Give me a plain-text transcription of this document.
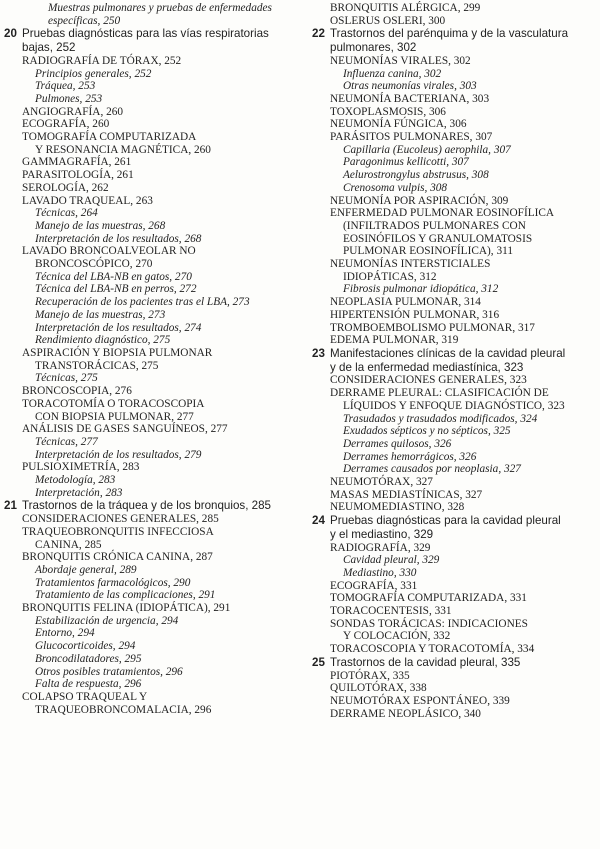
Muestras pulmonares y pruebas de enfermedades
específicas, 250
20 Pruebas diagnósticas para las vías respiratorias
bajas, 252
RADIOGRAFÍA DE TÓRAX, 252
Principios generales, 252
Tráquea, 253
Pulmones, 253
ANGIOGRAFÍA, 260
ECOGRAFÍA, 260
TOMOGRAFÍA COMPUTARIZADA
Y RESONANCIA MAGNÉTICA, 260
GAMMAGRAFÍA, 261
PARASITOLOGÍA, 261
SEROLOGÍA, 262
LAVADO TRAQUEAL, 263
Técnicas, 264
Manejo de las muestras, 268
Interpretación de los resultados, 268
LAVADO BRONCOALVEOLAR NO
BRONCOSCÓPICO, 270
Técnica del LBA-NB en gatos, 270
Técnica del LBA-NB en perros, 272
Recuperación de los pacientes tras el LBA, 273
Manejo de las muestras, 273
Interpretación de los resultados, 274
Rendimiento diagnóstico, 275
ASPIRACIÓN Y BIOPSIA PULMONAR
TRANSTORÁCICAS, 275
Técnicas, 275
BRONCOSCOPIA, 276
TORACOTOMÍA O TORACOSCOPIA
CON BIOPSIA PULMONAR, 277
ANÁLISIS DE GASES SANGUÍNEOS, 277
Técnicas, 277
Interpretación de los resultados, 279
PULSIOXIMETRÍA, 283
Metodología, 283
Interpretación, 283
21 Trastornos de la tráquea y de los bronquios, 285
CONSIDERACIONES GENERALES, 285
TRAQUEOBRONQUITIS INFECCIOSA
CANINA, 285
BRONQUITIS CRÓNICA CANINA, 287
Abordaje general, 289
Tratamientos farmacológicos, 290
Tratamiento de las complicaciones, 291
BRONQUITIS FELINA (IDIOPÁTICA), 291
Estabilización de urgencia, 294
Entorno, 294
Glucocorticoides, 294
Broncodilatadores, 295
Otros posibles tratamientos, 296
Falta de respuesta, 296
COLAPSO TRAQUEAL Y
TRAQUEOBRONCOMALACIA, 296
BRONQUITIS ALÉRGICA, 299
OSLERUS OSLERI, 300
22 Trastornos del parénquima y de la vasculatura
pulmonares, 302
NEUMONÍAS VIRALES, 302
Influenza canina, 302
Otras neumonías virales, 303
NEUMONÍA BACTERIANA, 303
TOXOPLASMOSIS, 306
NEUMONÍA FÚNGICA, 306
PARÁSITOS PULMONARES, 307
Capillaria (Eucoleus) aerophila, 307
Paragonimus kellicotti, 307
Aelurostrongylus abstrusus, 308
Crenosoma vulpis, 308
NEUMONÍA POR ASPIRACIÓN, 309
ENFERMEDAD PULMONAR EOSINOFÍLICA
(INFILTRADOS PULMONARES CON
EOSINÓFILOS Y GRANULOMATOSIS
PULMONAR EOSINOFÍLICA), 311
NEUMONÍAS INTERSTICIALES
IDIOPÁTICAS, 312
Fibrosis pulmonar idiopática, 312
NEOPLASIA PULMONAR, 314
HIPERTENSIÓN PULMONAR, 316
TROMBOEMBOLISMO PULMONAR, 317
EDEMA PULMONAR, 319
23 Manifestaciones clínicas de la cavidad pleural
y de la enfermedad mediastínica, 323
CONSIDERACIONES GENERALES, 323
DERRAME PLEURAL: CLASIFICACIÓN DE
LÍQUIDOS Y ENFOQUE DIAGNÓSTICO, 323
Trasudados y trasudados modificados, 324
Exudados sépticos y no sépticos, 325
Derrames quilosos, 326
Derrames hemorrágicos, 326
Derrames causados por neoplasia, 327
NEUMOTÓRAX, 327
MASAS MEDIASTÍNICAS, 327
NEUMOMEDIASTINO, 328
24 Pruebas diagnósticas para la cavidad pleural
y el mediastino, 329
RADIOGRAFÍA, 329
Cavidad pleural, 329
Mediastino, 330
ECOGRAFÍA, 331
TOMOGRAFÍA COMPUTARIZADA, 331
TORACOCENTESIS, 331
SONDAS TORÁCICAS: INDICACIONES
Y COLOCACIÓN, 332
TORACOSCOPIA Y TORACOTOMÍA, 334
25 Trastornos de la cavidad pleural, 335
PIOTÓRAX, 335
QUILOTÓRAX, 338
NEUMOTÓRAX ESPONTÁNEO, 339
DERRAME NEOPLÁSICO, 340
